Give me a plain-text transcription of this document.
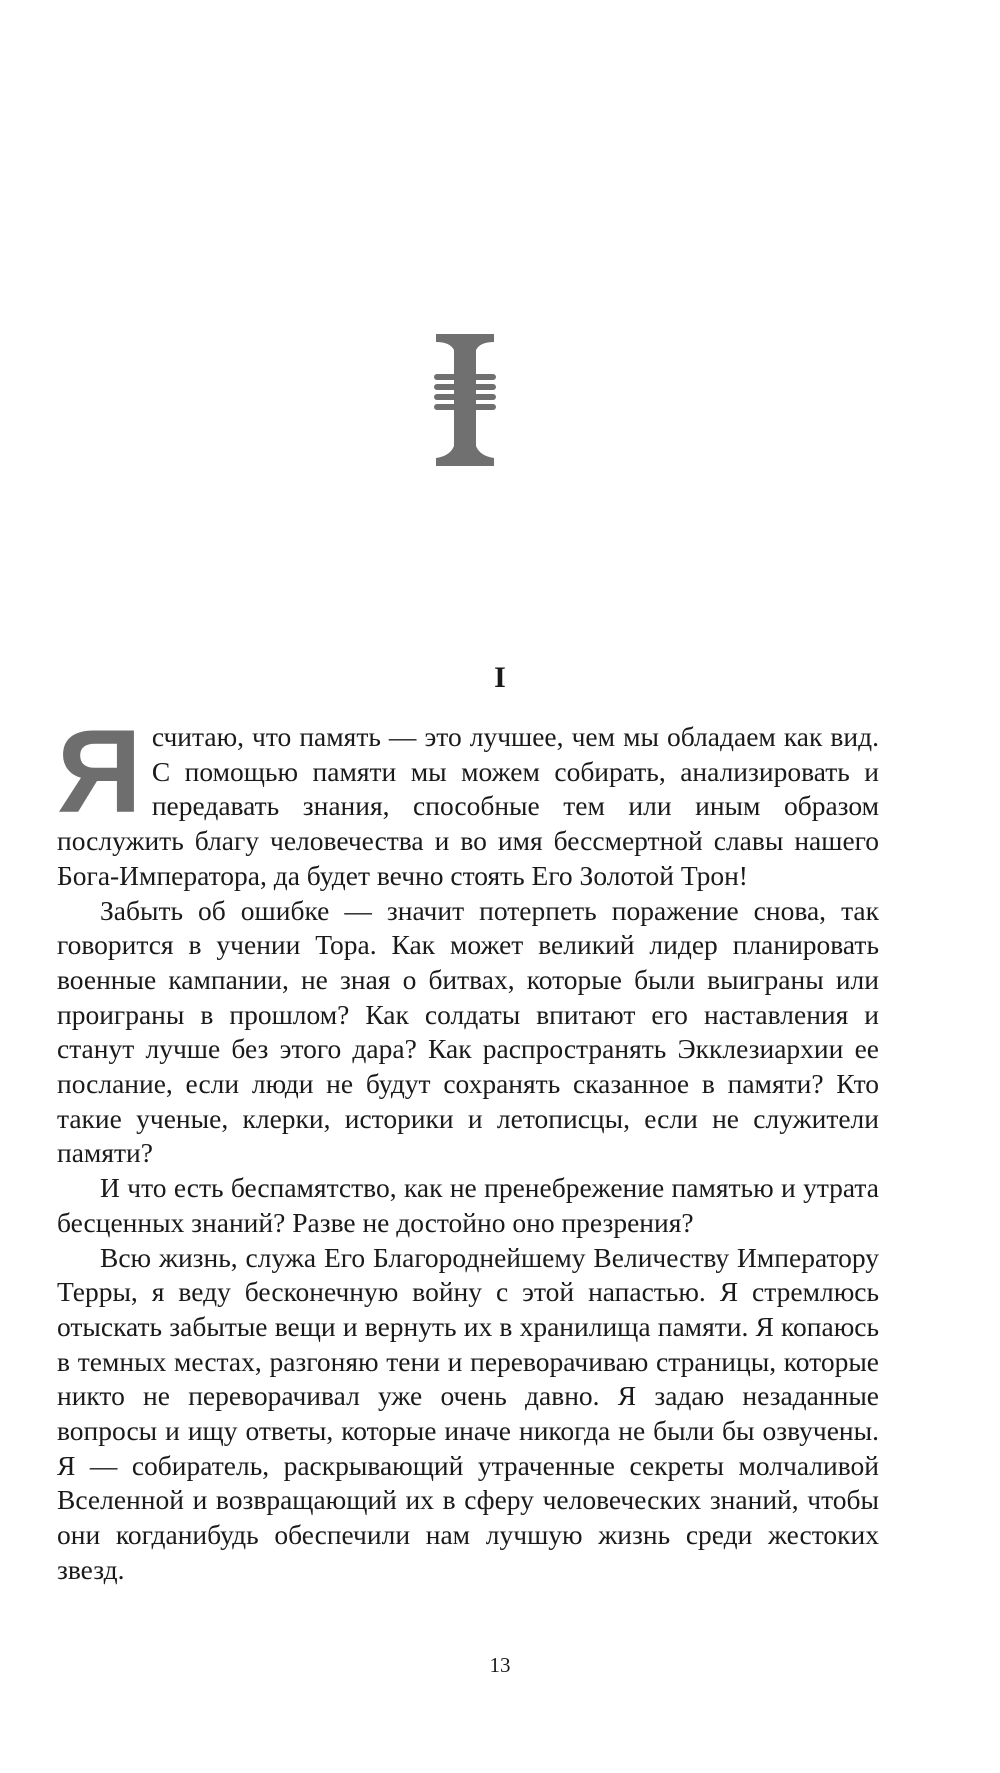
I

Я считаю, что память — это лучшее, чем мы обладаем как вид. С помощью памяти мы можем собирать, анализировать и передавать знания, способные тем или иным образом послужить благу человечества и во имя бессмертной славы нашего Бога-Императора, да будет вечно стоять Его Золотой Трон!

Забыть об ошибке — значит потерпеть поражение снова, так говорится в учении Тора. Как может великий лидер планировать военные кампании, не зная о битвах, которые были выиграны или проиграны в прошлом? Как солдаты впитают его наставления и станут лучше без этого дара? Как распространять Экклезиархии ее послание, если люди не будут сохранять сказанное в памяти? Кто такие ученые, клерки, историки и летописцы, если не служители памяти?

И что есть беспамятство, как не пренебрежение памятью и утрата бесценных знаний? Разве не достойно оно презрения?

Всю жизнь, служа Его Благороднейшему Величеству Императору Терры, я веду бесконечную войну с этой напастью. Я стремлюсь отыскать забытые вещи и вернуть их в хранилища памяти. Я копаюсь в темных местах, разгоняю тени и переворачиваю страницы, которые никто не переворачивал уже очень давно. Я задаю незаданные вопросы и ищу ответы, которые иначе никогда не были бы озвучены. Я — собиратель, раскрывающий утраченные секреты молчаливой Вселенной и возвращающий их в сферу человеческих знаний, чтобы они когданибудь обеспечили нам лучшую жизнь среди жестоких звезд.

13
